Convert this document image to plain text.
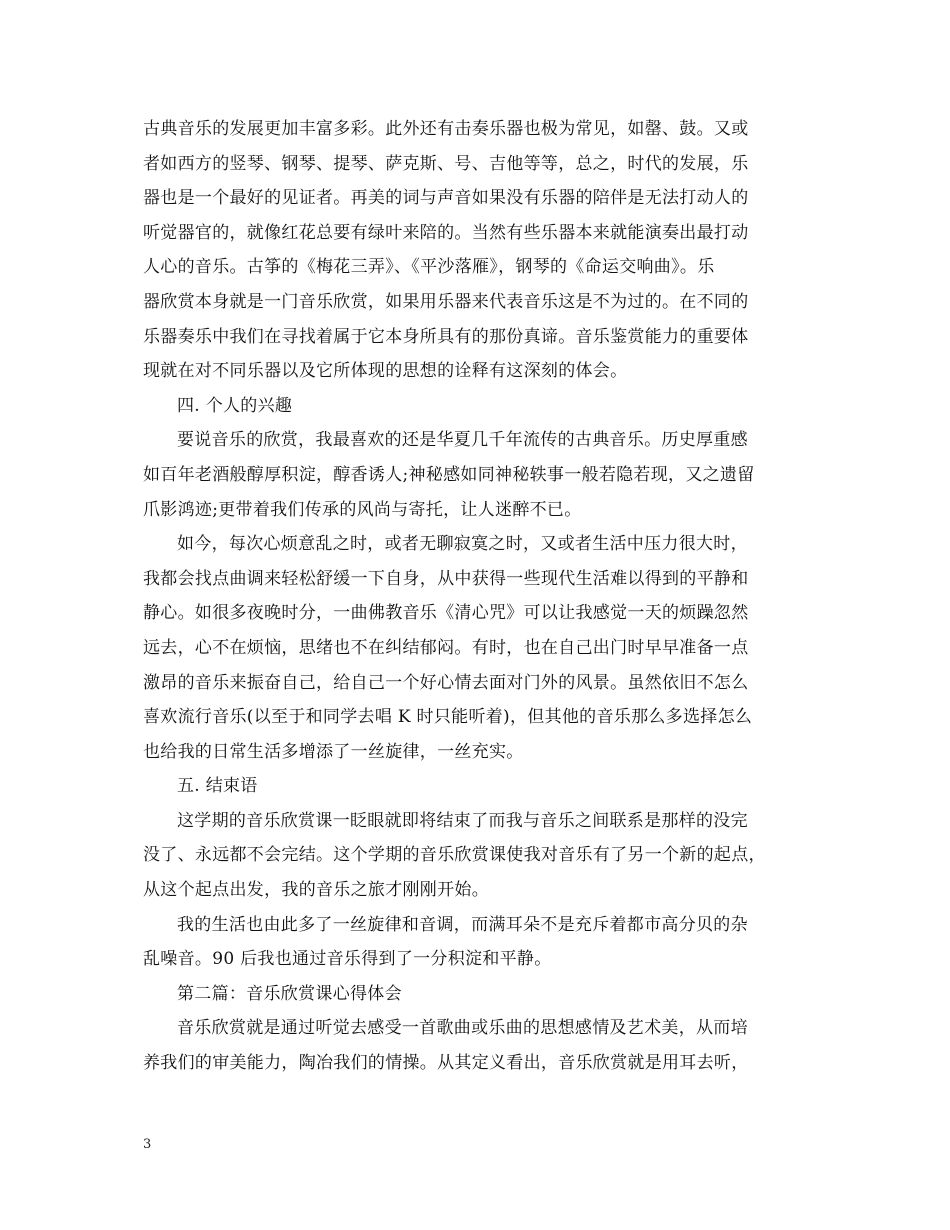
古典音乐的发展更加丰富多彩。此外还有击奏乐器也极为常见，如罄、鼓。又或
者如西方的竖琴、钢琴、提琴、萨克斯、号、吉他等等，总之，时代的发展，乐
器也是一个最好的见证者。再美的词与声音如果没有乐器的陪伴是无法打动人的
听觉器官的，就像红花总要有绿叶来陪的。当然有些乐器本来就能演奏出最打动
人心的音乐。古筝的《梅花三弄》、《平沙落雁》，钢琴的《命运交响曲》。乐
器欣赏本身就是一门音乐欣赏，如果用乐器来代表音乐这是不为过的。在不同的
乐器奏乐中我们在寻找着属于它本身所具有的那份真谛。音乐鉴赏能力的重要体
现就在对不同乐器以及它所体现的思想的诠释有这深刻的体会。
四. 个人的兴趣
要说音乐的欣赏，我最喜欢的还是华夏几千年流传的古典音乐。历史厚重感
如百年老酒般醇厚积淀，醇香诱人;神秘感如同神秘轶事一般若隐若现，又之遗留
爪影鸿迹;更带着我们传承的风尚与寄托，让人迷醉不已。
如今，每次心烦意乱之时，或者无聊寂寞之时，又或者生活中压力很大时，
我都会找点曲调来轻松舒缓一下自身，从中获得一些现代生活难以得到的平静和
静心。如很多夜晚时分，一曲佛教音乐《清心咒》可以让我感觉一天的烦躁忽然
远去，心不在烦恼，思绪也不在纠结郁闷。有时，也在自己出门时早早准备一点
激昂的音乐来振奋自己，给自己一个好心情去面对门外的风景。虽然依旧不怎么
喜欢流行音乐(以至于和同学去唱 K 时只能听着)，但其他的音乐那么多选择怎么
也给我的日常生活多增添了一丝旋律，一丝充实。
五. 结束语
这学期的音乐欣赏课一眨眼就即将结束了而我与音乐之间联系是那样的没完
没了、永远都不会完结。这个学期的音乐欣赏课使我对音乐有了另一个新的起点，
从这个起点出发，我的音乐之旅才刚刚开始。
我的生活也由此多了一丝旋律和音调，而满耳朵不是充斥着都市高分贝的杂
乱噪音。90 后我也通过音乐得到了一分积淀和平静。
第二篇：音乐欣赏课心得体会
音乐欣赏就是通过听觉去感受一首歌曲或乐曲的思想感情及艺术美，从而培
养我们的审美能力，陶冶我们的情操。从其定义看出，音乐欣赏就是用耳去听，
3
